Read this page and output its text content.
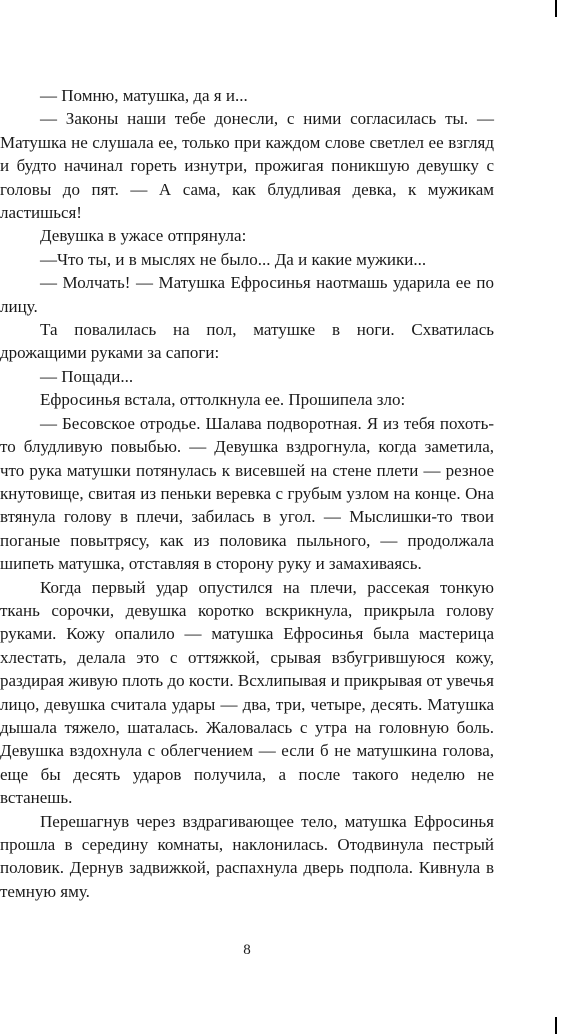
— Помню, матушка, да я и...

— Законы наши тебе донесли, с ними согласилась ты. — Матушка не слушала ее, только при каждом слове светлел ее взгляд и будто начинал гореть изнутри, прожигая поникшую девушку с головы до пят. — А сама, как блудливая девка, к мужикам ластишься!

Девушка в ужасе отпрянула:

—Что ты, и в мыслях не было... Да и какие мужики...

— Молчать! — Матушка Ефросинья наотмашь ударила ее по лицу.

Та повалилась на пол, матушке в ноги. Схватилась дрожащими руками за сапоги:

— Пощади...

Ефросинья встала, оттолкнула ее. Прошипела зло:

— Бесовское отродье. Шалава подворотная. Я из тебя похоть-то блудливую повыбью. — Девушка вздрогнула, когда заметила, что рука матушки потянулась к висевшей на стене плети — резное кнутовище, свитая из пеньки веревка с грубым узлом на конце. Она втянула голову в плечи, забилась в угол. — Мыслишки-то твои поганые повытрясу, как из половика пыльного, — продолжала шипеть матушка, отставляя в сторону руку и замахиваясь.

Когда первый удар опустился на плечи, рассекая тонкую ткань сорочки, девушка коротко вскрикнула, прикрыла голову руками. Кожу опалило — матушка Ефросинья была мастерица хлестать, делала это с оттяжкой, срывая взбугрившуюся кожу, раздирая живую плоть до кости. Всхлипывая и прикрывая от увечья лицо, девушка считала удары — два, три, четыре, десять. Матушка дышала тяжело, шаталась. Жаловалась с утра на головную боль. Девушка вздохнула с облегчением — если б не матушкина голова, еще бы десять ударов получила, а после такого неделю не встанешь.

Перешагнув через вздрагивающее тело, матушка Ефросинья прошла в середину комнаты, наклонилась. Отодвинула пестрый половик. Дернув задвижкой, распахнула дверь подпола. Кивнула в темную яму.

8
